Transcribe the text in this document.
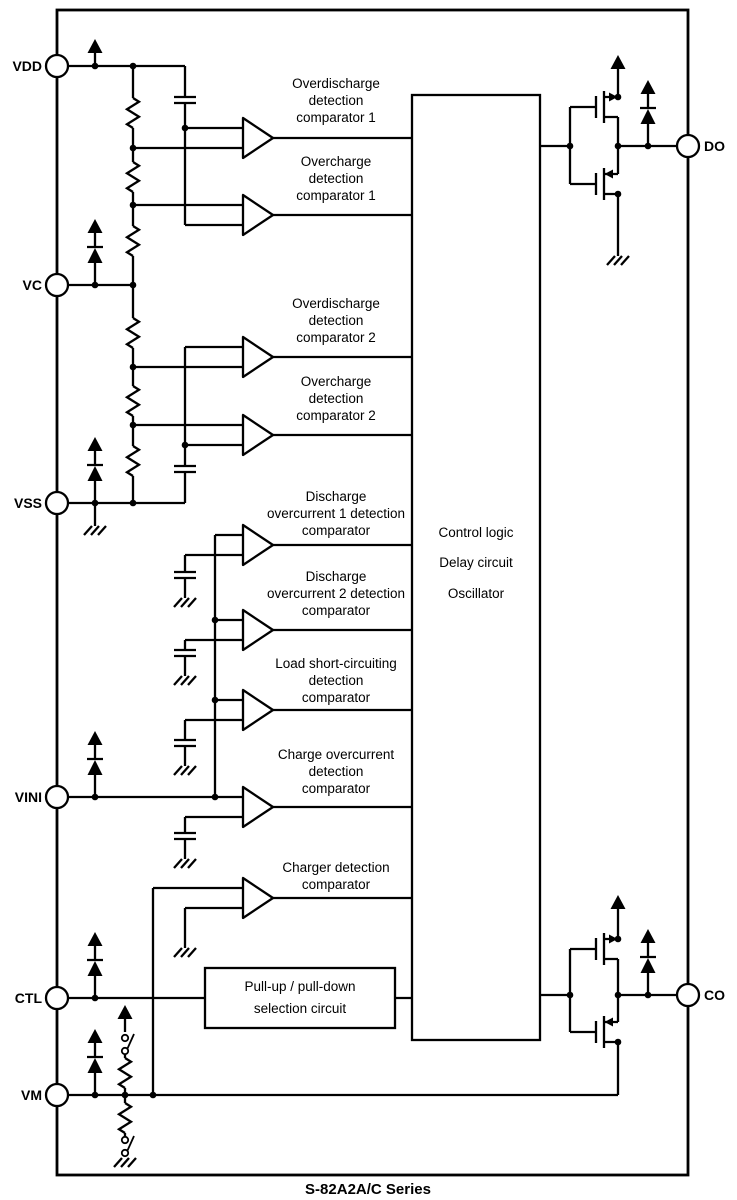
VDD
VC
VSS
VINI
CTL
VM
DO
CO
Overdischarge
detection
comparator 1
Overcharge
detection
comparator 1
Overdischarge
detection
comparator 2
Overcharge
detection
comparator 2
Discharge
overcurrent 1 detection
comparator
Discharge
overcurrent 2 detection
comparator
Load short-circuiting
detection
comparator
Charge overcurrent
detection
comparator
Charger detection
comparator
Control logic
Delay circuit
Oscillator
Pull-up / pull-down
selection circuit
S-82A2A/C Series
